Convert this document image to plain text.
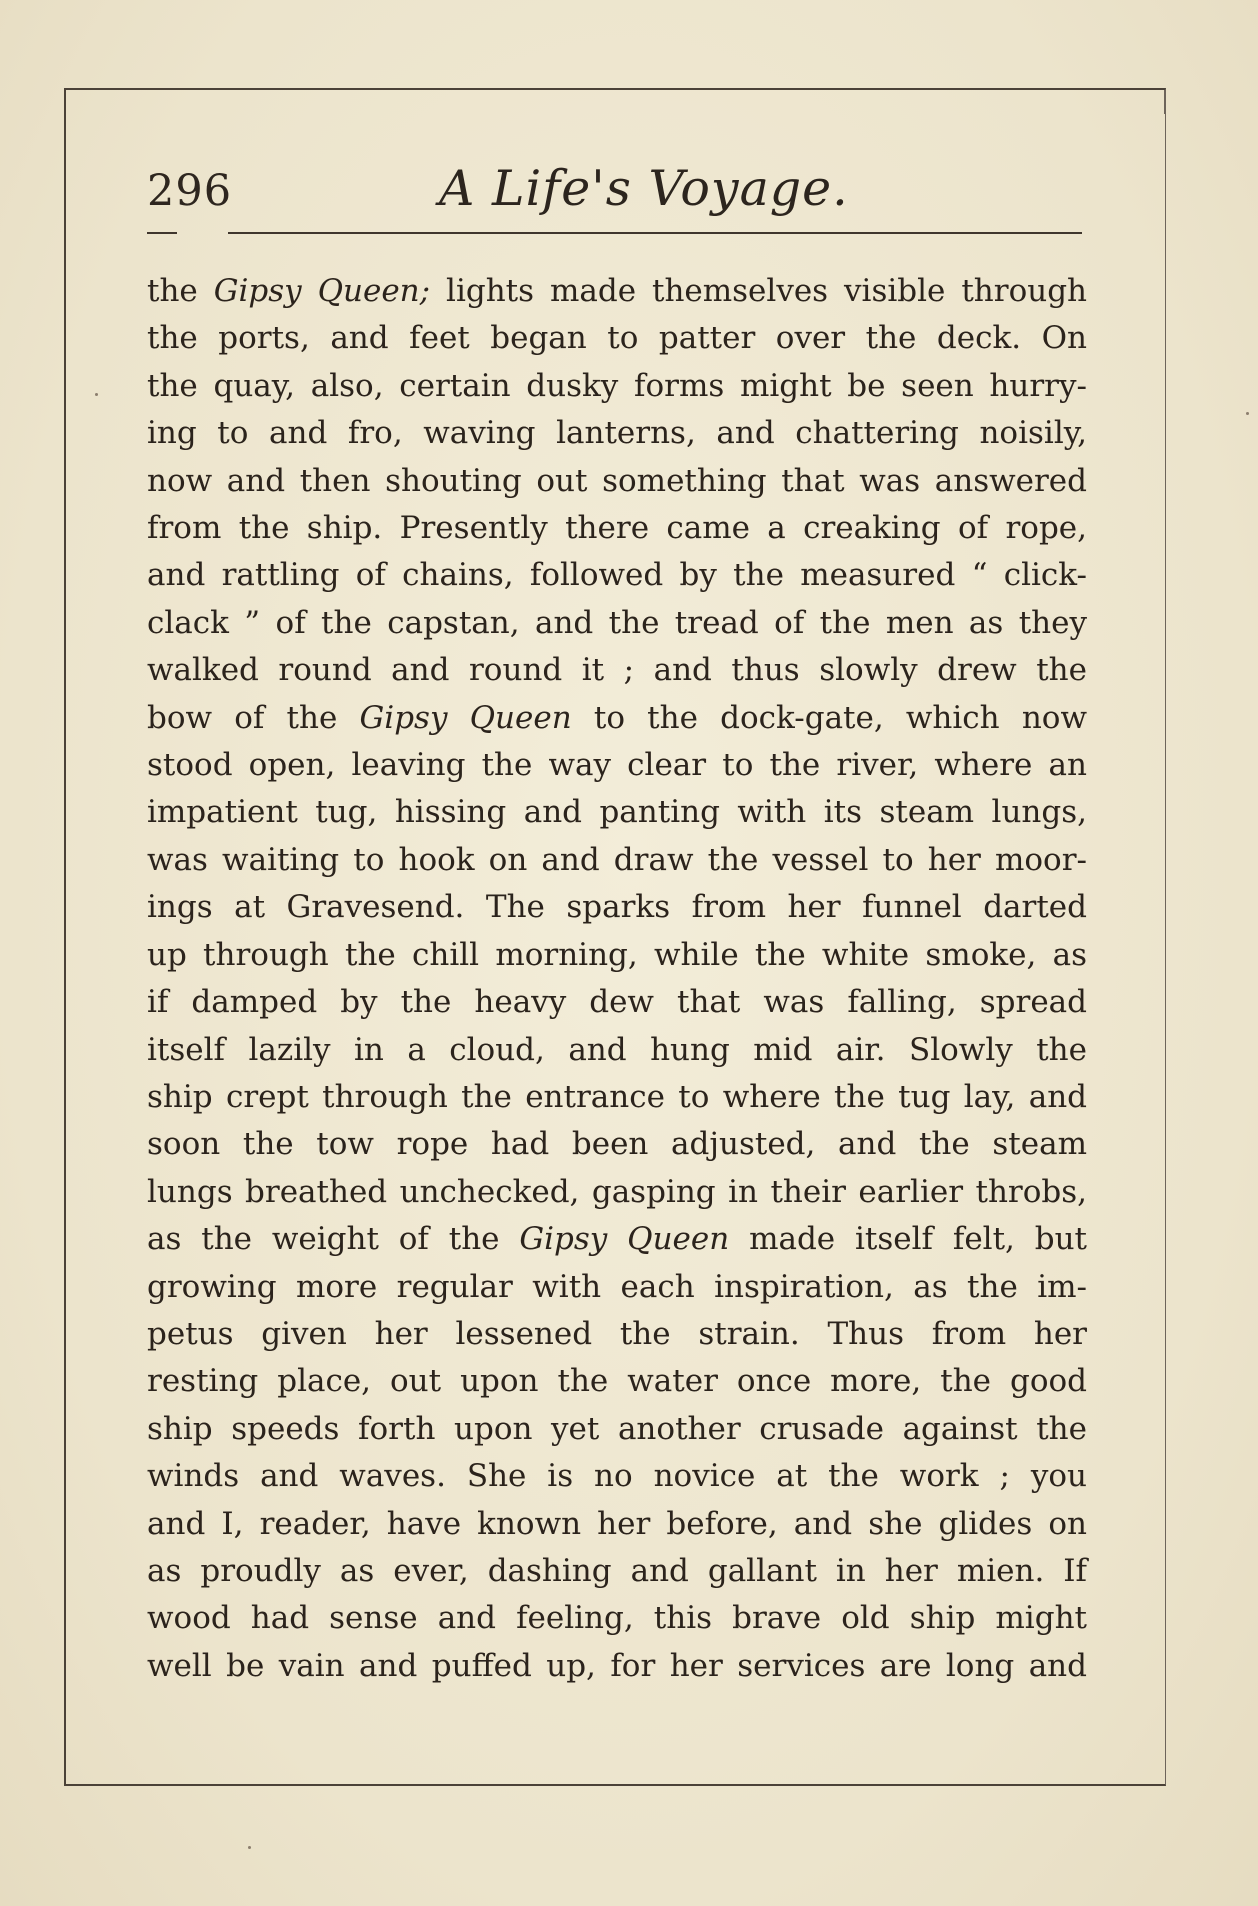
296	A Life's Voyage.
the Gipsy Queen; lights made themselves visible through
the ports, and feet began to patter over the deck. On
the quay, also, certain dusky forms might be seen hurry-
ing to and fro, waving lanterns, and chattering noisily,
now and then shouting out something that was answered
from the ship. Presently there came a creaking of rope,
and rattling of chains, followed by the measured “ click-
clack ” of the capstan, and the tread of the men as they
walked round and round it ; and thus slowly drew the
bow of the Gipsy Queen to the dock-gate, which now
stood open, leaving the way clear to the river, where an
impatient tug, hissing and panting with its steam lungs,
was waiting to hook on and draw the vessel to her moor-
ings at Gravesend. The sparks from her funnel darted
up through the chill morning, while the white smoke, as
if damped by the heavy dew that was falling, spread
itself lazily in a cloud, and hung mid air. Slowly the
ship crept through the entrance to where the tug lay, and
soon the tow rope had been adjusted, and the steam
lungs breathed unchecked, gasping in their earlier throbs,
as the weight of the Gipsy Queen made itself felt, but
growing more regular with each inspiration, as the im-
petus given her lessened the strain. Thus from her
resting place, out upon the water once more, the good
ship speeds forth upon yet another crusade against the
winds and waves. She is no novice at the work ; you
and I, reader, have known her before, and she glides on
as proudly as ever, dashing and gallant in her mien. If
wood had sense and feeling, this brave old ship might
well be vain and puffed up, for her services are long and
